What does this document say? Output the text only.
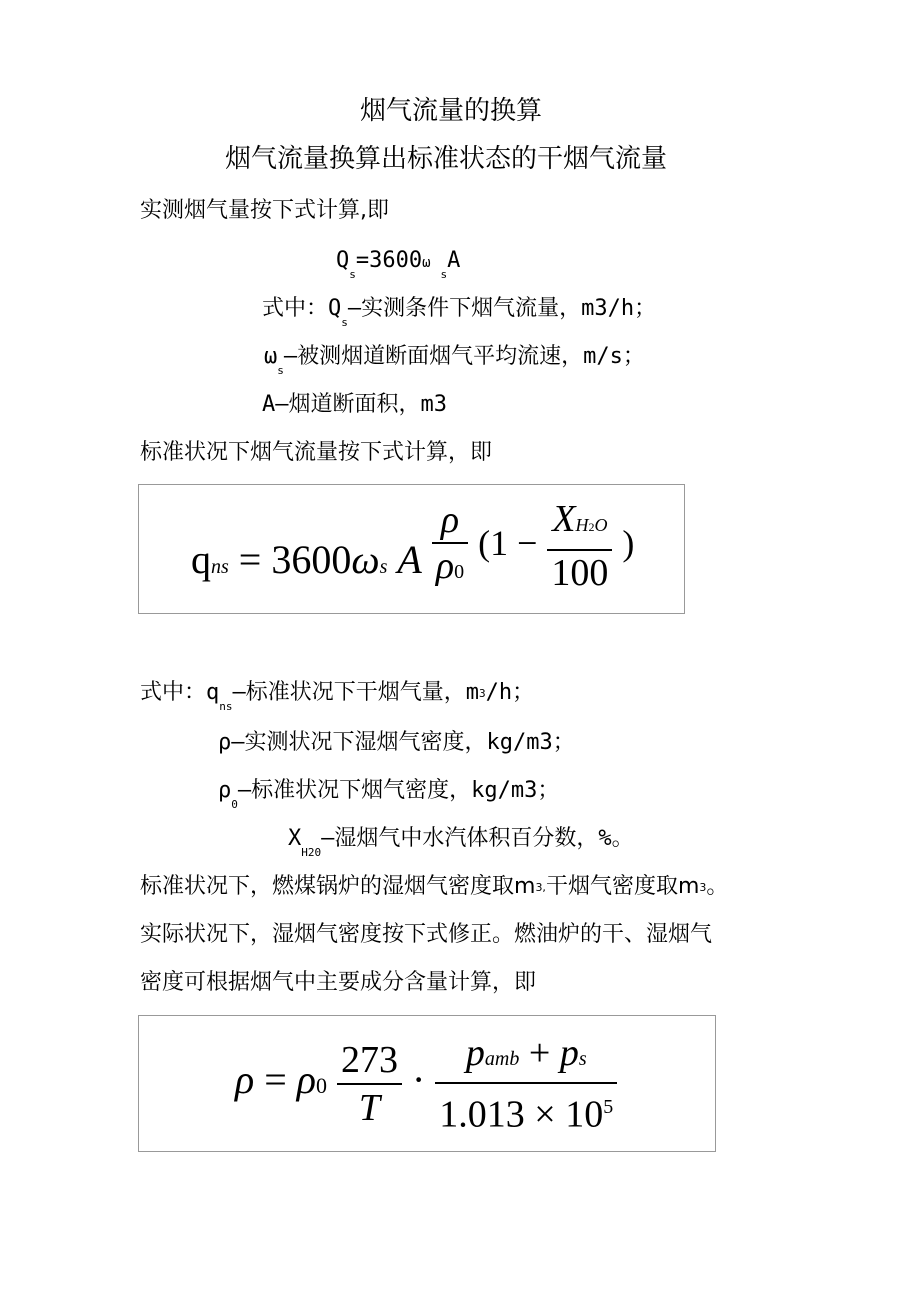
烟气流量的换算
烟气流量换算出标准状态的干烟气流量
实测烟气量按下式计算,即
$Q_s=3600\omega_sA$
式中：$Q_s—$实测条件下烟气流量，m3/h；
$\omega_s—$被测烟道断面烟气平均流速，m/s；
A—烟道断面积，m3
标准状况下烟气流量按下式计算，即
qns = 3600ωs A $\frac{\rho}{\rho 0} (1 - \frac{XH2O}{100}$ )
式中：$q_{ns}—$标准状况下干烟气量，m3/h；
ρ—实测状况下湿烟气密度，kg/m3；
$\rho_0—$标准状况下烟气密度，kg/m3；
$X_{H20}—$湿烟气中水汽体积百分数，%。
标准状况下，燃煤锅炉的湿烟气密度取m3,干烟气密度取m3。
实际状况下，湿烟气密度按下式修正。燃油炉的干、湿烟气
密度可根据烟气中主要成分含量计算，即
$\rho = \rho 0 \frac{273}{T} \cdot \frac{\text{pamb + ps}}{1.013 \times 10^5}$
